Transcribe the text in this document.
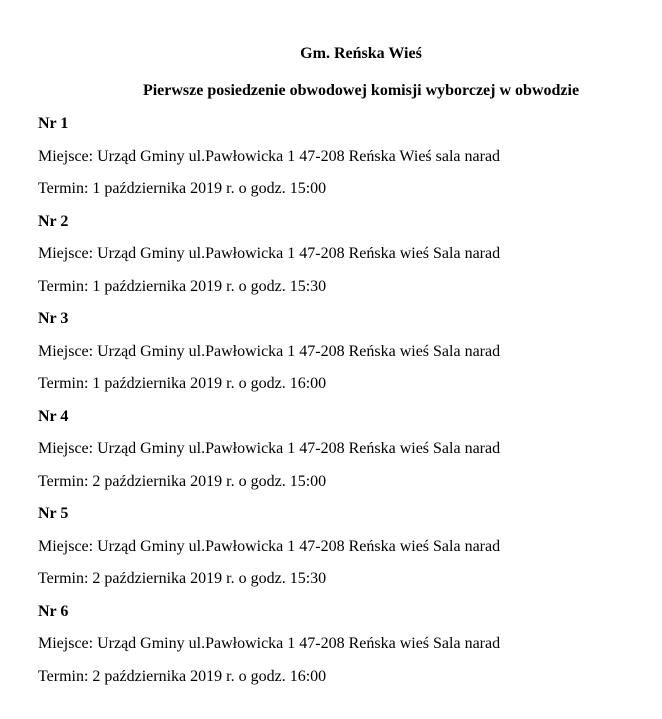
Gm. Reńska Wieś
Pierwsze posiedzenie obwodowej komisji wyborczej w obwodzie

Nr 1

Miejsce: Urząd Gminy ul.Pawłowicka 1 47-208 Reńska Wieś sala narad

Termin: 1 października 2019 r. o godz. 15:00

Nr 2

Miejsce: Urząd Gminy ul.Pawłowicka 1 47-208 Reńska wieś Sala narad

Termin: 1 października 2019 r. o godz. 15:30

Nr 3

Miejsce: Urząd Gminy ul.Pawłowicka 1 47-208 Reńska wieś Sala narad

Termin: 1 października 2019 r. o godz. 16:00

Nr 4

Miejsce: Urząd Gminy ul.Pawłowicka 1 47-208 Reńska wieś Sala narad

Termin: 2 października 2019 r. o godz. 15:00

Nr 5

Miejsce: Urząd Gminy ul.Pawłowicka 1 47-208 Reńska wieś Sala narad

Termin: 2 października 2019 r. o godz. 15:30

Nr 6

Miejsce: Urząd Gminy ul.Pawłowicka 1 47-208 Reńska wieś Sala narad

Termin: 2 października 2019 r. o godz. 16:00
